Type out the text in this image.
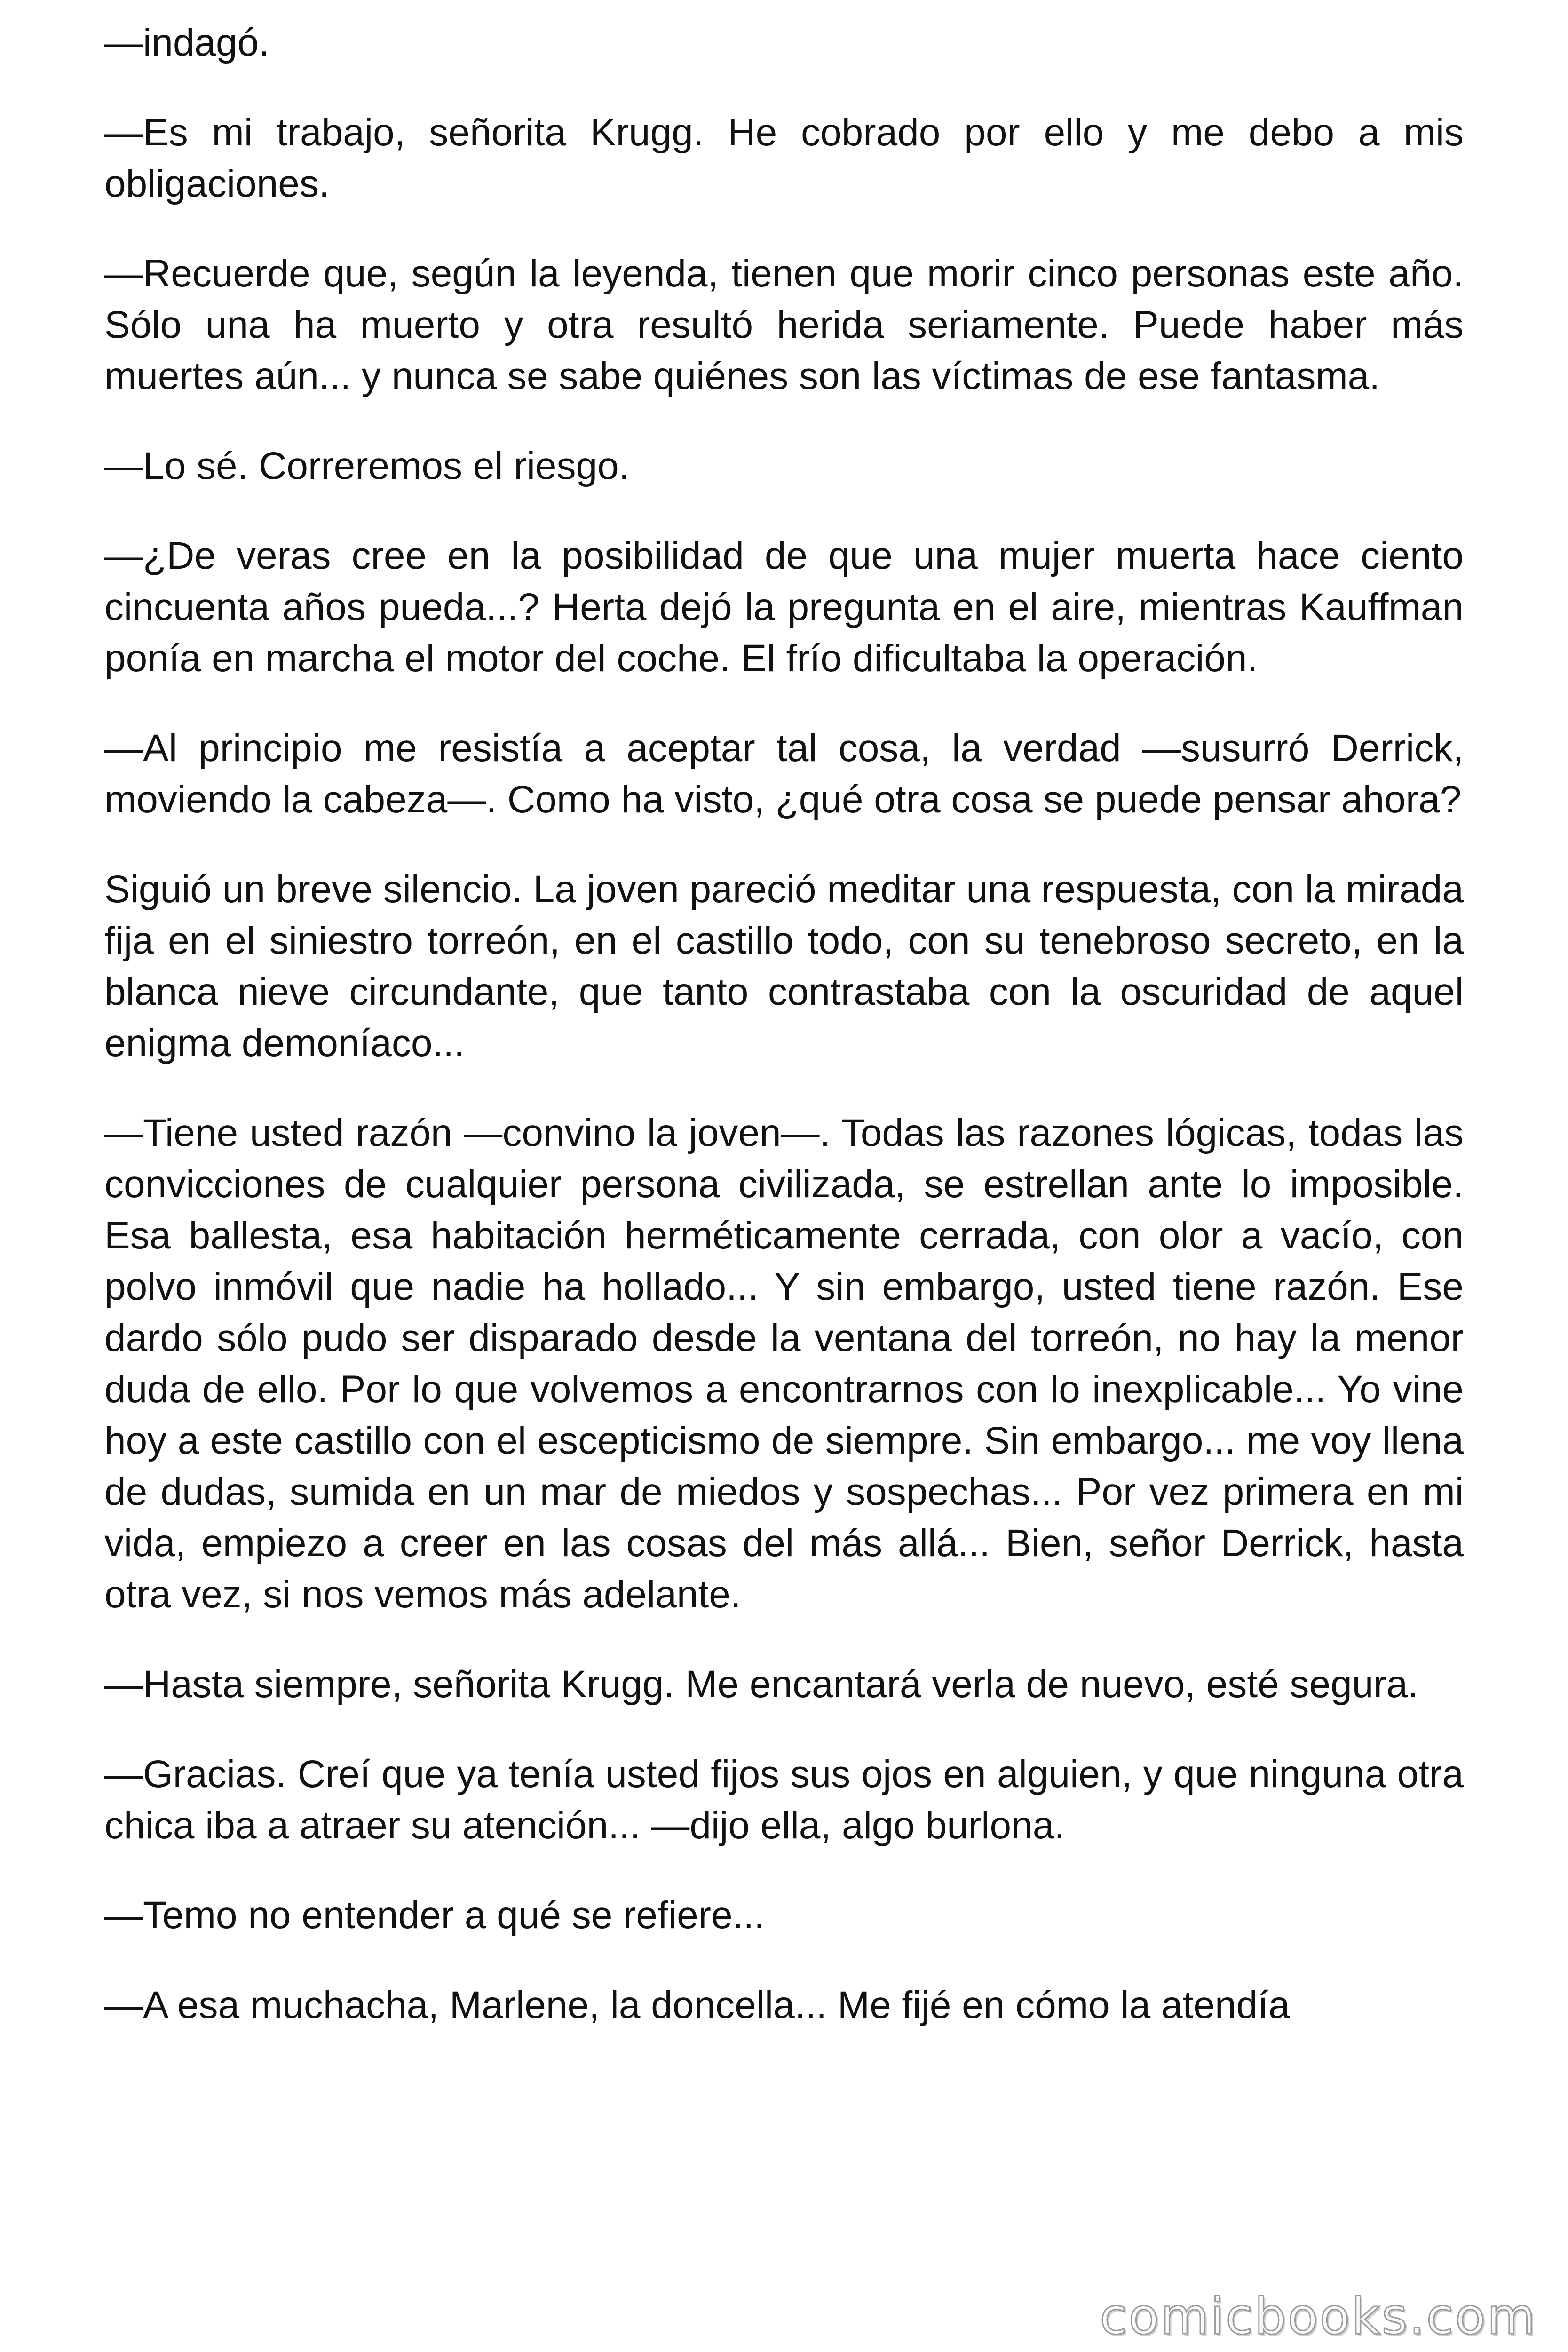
—indagó.

—Es mi trabajo, señorita Krugg. He cobrado por ello y me debo a mis obligaciones.

—Recuerde que, según la leyenda, tienen que morir cinco personas este año. Sólo una ha muerto y otra resultó herida seriamente. Puede haber más muertes aún... y nunca se sabe quiénes son las víctimas de ese fantasma.

—Lo sé. Correremos el riesgo.

—¿De veras cree en la posibilidad de que una mujer muerta hace ciento cincuenta años pueda...? Herta dejó la pregunta en el aire, mientras Kauffman ponía en marcha el motor del coche. El frío dificultaba la operación.

—Al principio me resistía a aceptar tal cosa, la verdad —susurró Derrick, moviendo la cabeza—. Como ha visto, ¿qué otra cosa se puede pensar ahora?

Siguió un breve silencio. La joven pareció meditar una respuesta, con la mirada fija en el siniestro torreón, en el castillo todo, con su tenebroso secreto, en la blanca nieve circundante, que tanto contrastaba con la oscuridad de aquel enigma demoníaco...

—Tiene usted razón —convino la joven—. Todas las razones lógicas, todas las convicciones de cualquier persona civilizada, se estrellan ante lo imposible. Esa ballesta, esa habitación herméticamente cerrada, con olor a vacío, con polvo inmóvil que nadie ha hollado... Y sin embargo, usted tiene razón. Ese dardo sólo pudo ser disparado desde la ventana del torreón, no hay la menor duda de ello. Por lo que volvemos a encontrarnos con lo inexplicable... Yo vine hoy a este castillo con el escepticismo de siempre. Sin embargo... me voy llena de dudas, sumida en un mar de miedos y sospechas... Por vez primera en mi vida, empiezo a creer en las cosas del más allá... Bien, señor Derrick, hasta otra vez, si nos vemos más adelante.

—Hasta siempre, señorita Krugg. Me encantará verla de nuevo, esté segura.

—Gracias. Creí que ya tenía usted fijos sus ojos en alguien, y que ninguna otra chica iba a atraer su atención... —dijo ella, algo burlona.

—Temo no entender a qué se refiere...

—A esa muchacha, Marlene, la doncella... Me fijé en cómo la atendía

comicbooks.com
